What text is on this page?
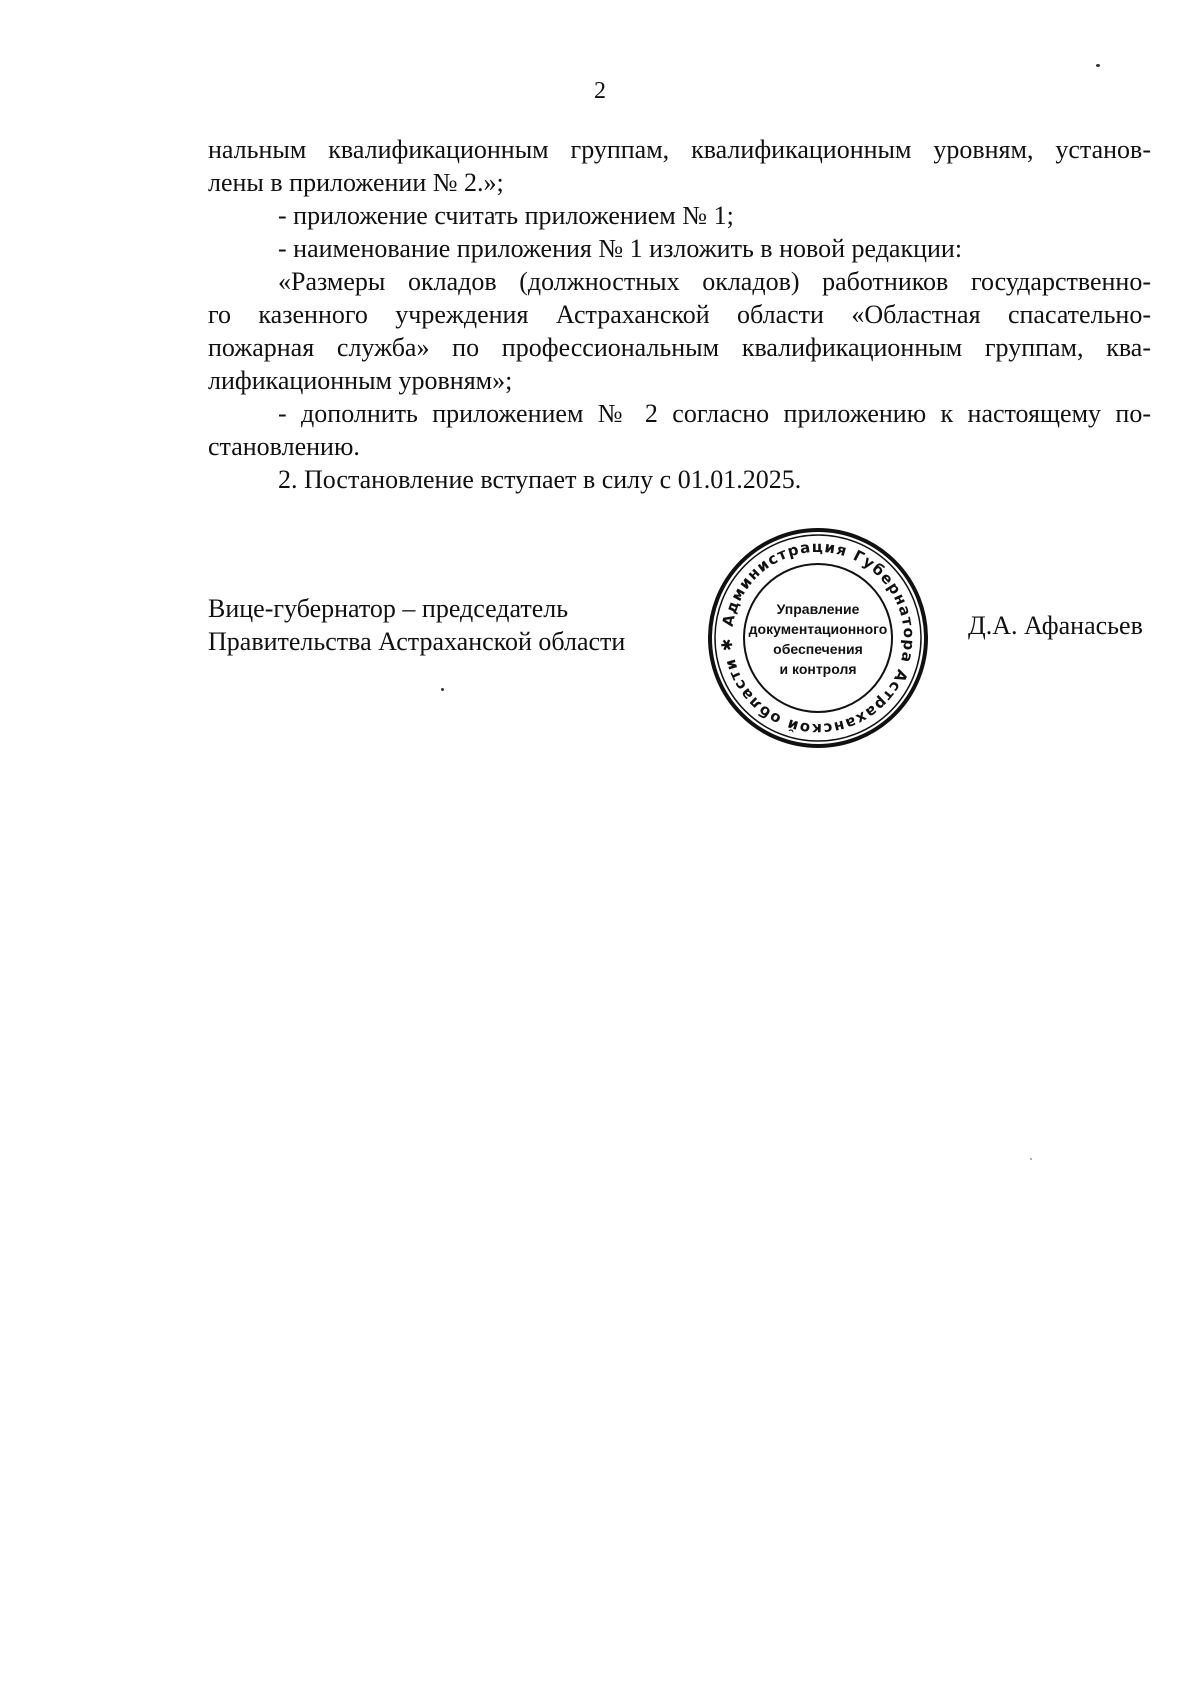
2

нальным квалификационным группам, квалификационным уровням, установ-
лены в приложении № 2.»;

- приложение считать приложением № 1;

- наименование приложения № 1 изложить в новой редакции:

«Размеры окладов (должностных окладов) работников государственно-
го казенного учреждения Астраханской области «Областная спасательно-
пожарная служба» по профессиональным квалификационным группам, ква-
лификационным уровням»;

- дополнить приложением № 2 согласно приложению к настоящему по-
становлению.

2. Постановление вступает в силу с 01.01.2025.

Вице-губернатор – председатель
Правительства Астраханской области
Администрация Губернатора Астраханской области ✱
Управление
документационного
обеспечения
и контроля
Д.А. Афанасьев
